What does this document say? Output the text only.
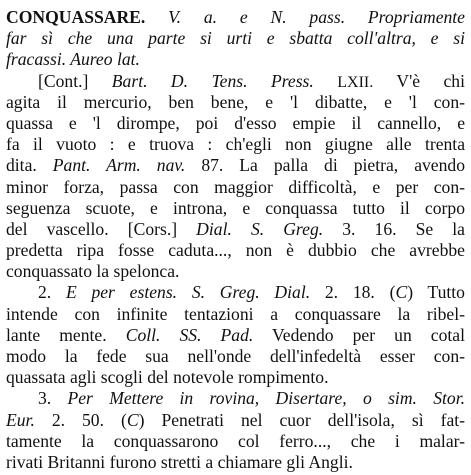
CONQUASSARE. V. a. e N. pass. Propriamente
far sì che una parte si urti e sbatta coll'altra, e si
fracassi. Aureo lat.
[Cont.] Bart. D. Tens. Press. LXII. V'è chi
agita il mercurio, ben bene, e 'l dibatte, e 'l con-
quassa e 'l dirompe, poi d'esso empie il cannello, e
fa il vuoto : e truova : ch'egli non giugne alle trenta
dita. Pant. Arm. nav. 87. La palla di pietra, avendo
minor forza, passa con maggior difficoltà, e per con-
seguenza scuote, e introna, e conquassa tutto il corpo
del vascello. [Cors.] Dial. S. Greg. 3. 16. Se la
predetta ripa fosse caduta..., non è dubbio che avrebbe
conquassato la spelonca.
2. E per estens. S. Greg. Dial. 2. 18. (C) Tutto
intende con infinite tentazioni a conquassare la ribel-
lante mente. Coll. SS. Pad. Vedendo per un cotal
modo la fede sua nell'onde dell'infedeltà esser con-
quassata agli scogli del notevole rompimento.
3. Per Mettere in rovina, Disertare, o sim. Stor.
Eur. 2. 50. (C) Penetrati nel cuor dell'isola, sì fat-
tamente la conquassarono col ferro..., che i malar-
rivati Britanni furono stretti a chiamare gli Angli.
